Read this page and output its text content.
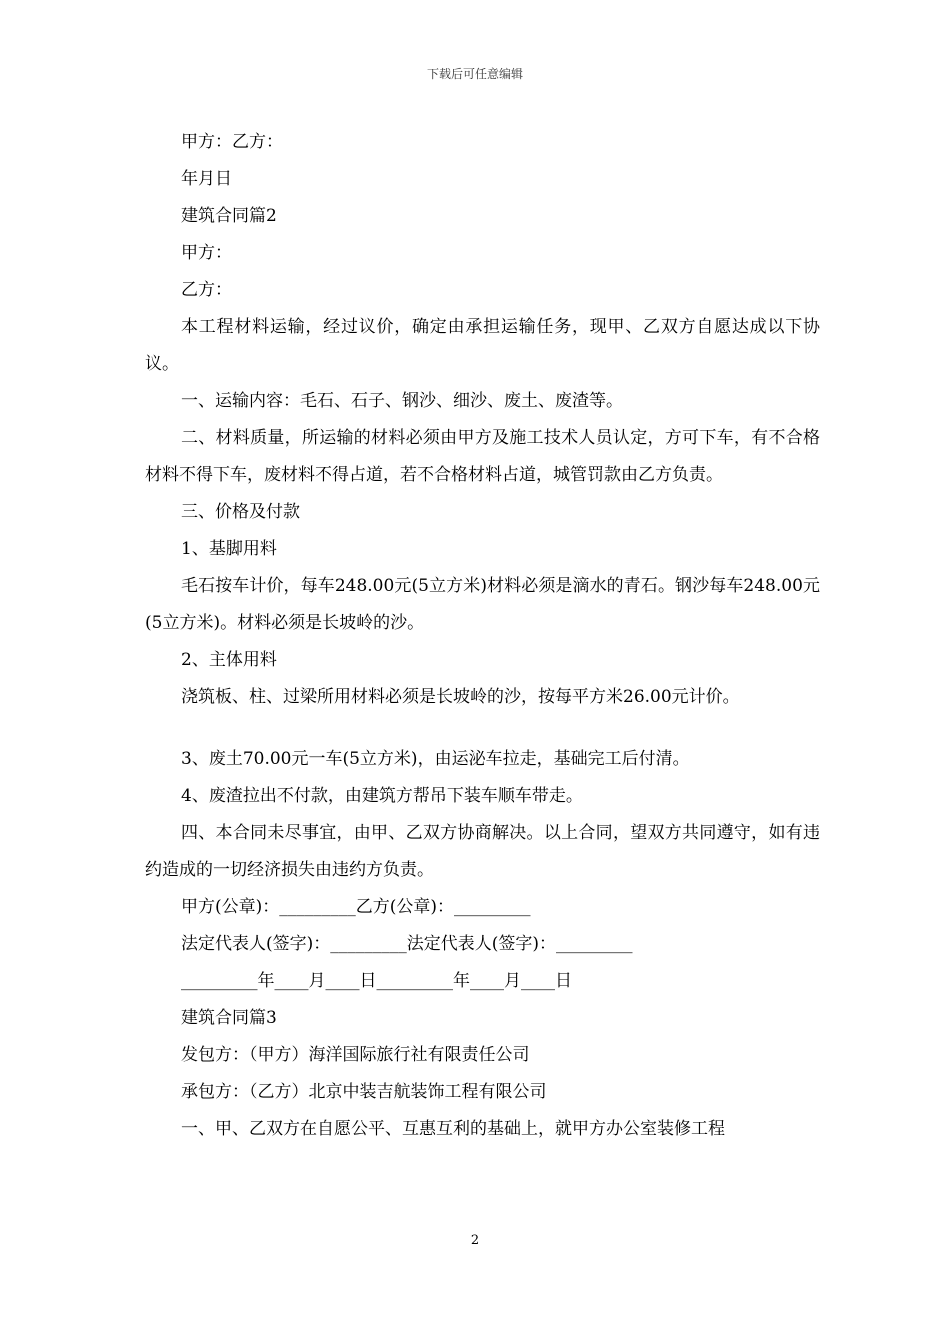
下载后可任意编辑

甲方：乙方：

年月日

建筑合同篇2

甲方：

乙方：

本工程材料运输，经过议价，确定由承担运输任务，现甲、乙双方自愿达成以下协议。

一、运输内容：毛石、石子、钢沙、细沙、废土、废渣等。

二、材料质量，所运输的材料必须由甲方及施工技术人员认定，方可下车，有不合格材料不得下车，废材料不得占道，若不合格材料占道，城管罚款由乙方负责。

三、价格及付款

1、基脚用料

毛石按车计价，每车248.00元(5立方米)材料必须是滴水的青石。钢沙每车248.00元(5立方米)。材料必须是长坡岭的沙。

2、主体用料

浇筑板、柱、过梁所用材料必须是长坡岭的沙，按每平方米26.00元计价。

3、废土70.00元一车(5立方米)，由运泌车拉走，基础完工后付清。

4、废渣拉出不付款，由建筑方帮吊下装车顺车带走。

四、本合同未尽事宜，由甲、乙双方协商解决。以上合同，望双方共同遵守，如有违约造成的一切经济损失由违约方负责。

甲方(公章)：_________乙方(公章)：_________

法定代表人(签字)：_________法定代表人(签字)：_________

_________年____月____日_________年____月____日

建筑合同篇3

发包方：（甲方）海洋国际旅行社有限责任公司

承包方：（乙方）北京中装吉航装饰工程有限公司

一、甲、乙双方在自愿公平、互惠互利的基础上，就甲方办公室装修工程

2
